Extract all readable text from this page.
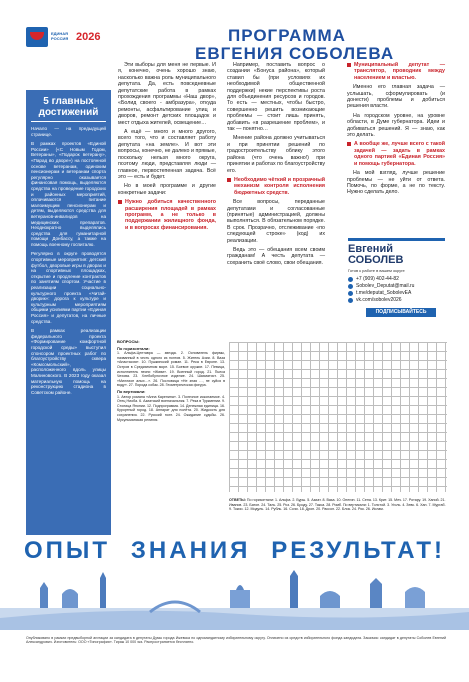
ЕДИНАЯ РОССИЯ 2026	ПРОГРАММА
ЕВГЕНИЯ СОБОЛЕВА
5 главных
достижений

Начало — на предыдущей странице.

В рамках проектов «Единой России» («С Новым Годом, Ветераны», «Подарок ветерану», «Парад во дворе») на постоянной основе ветеранам, одиноким пенсионерам и ветеранам спорта регулярно оказывается финансовая помощь, выделяются средства на проведение городских и районных мероприятий, оплачиваются питание малоимущим пенсионерам и детям, выделяются средства для ветеранов-инвалидов на медицинских препаратов. Неоднократно выделялись средства для гуманитарной помощи Донбассу, а также на помощь военному госпиталю.

Регулярно в округе проводятся спортивные мероприятия: детский футбол, дворовые игры в дворах и на спортивных площадках, открытие и продление контрактов по занятиям спортом. Участие в реализации социально-культурного проекта «Читай-дворик»: дорога к культуре и культурным мероприятиям общими усилиями партии «Единая Россия» и депутатов, на личные средства.

В рамках реализации федерального проекта «Формирование комфортной городской среды» выступил спонсором проектных работ по благоустройству сквера «Комсомольский», расположенного вдоль улицы Малиновского. В 2023 году оказал материальную помощь на реконструкцию стадиона в Советском районе.

Эти выборы для меня не первые. И я, конечно, очень хорошо знаю, насколько важна роль муниципального депутата. Да, есть повседневные депутатские работа в рамках прохождения программы «Наш двор», «Болид своего ‑ амбразура», откуда ремонты, асфальтирование улиц и дворов, ремонт детских площадок и мест отдыха жителей, освещение…

А ещё — много и много другого, всего того, что и составляет работу депутата «на земле». И вот эти вопросы, конечно, не далеко и прямые, поскольку нельзя много округа, поэтому люди, представляя люди — главное, первостепенная задача. Всё это — есть и будет.

Но в моей программе и другие конкретные задачи:

Нужно добиться качественного расширения площадей в рамках программ, а не только в поддержании жилищного фонда, и в вопросах финансирования.

Например, поставить вопрос о создании «Бонуса района», который ставил бы (при условиях их необходимой общественной поддержки) некие перспективы роста для объединения ресурсов и городов. То есть — местных, чтобы быстро, совершенно решить возникающие проблемы — стоит лишь принять, добавить «в разрешение проблем», и так — понятно…

Мнение района должно учитываться и при принятии решений по градостроительству облику этого района (что очень важно!) при принятии и работах по благоустройству его.

Необходимо чёткий и прозрачный механизм контроля исполнения бюджетных средств.

Все вопросы, переданные депутатами и согласованные (принятые) администрацией, должны выполняться. В обязательном порядке. В срок. Прозрачно, отслеживание «по следующей строке» (код) их реализации.

Ведь это — обещания всем своим гражданам! А честь депутата — сохранить своё слово, свои обещания.

Муниципальный депутат — транслятор, проводник между населением и властью.

Именно его главная задача — услышать, сформулировать (и донести) проблемы и добиться решения власти.

На городском уровне, на уровне области, в Думе губернатора. Идеи и добиваться решений. Я — знаю, как это делать.

А вообще же, лучше всего с такой задачей — задать в рамках одного партией «Единая Россия» и помощь губернатора.

На мой взгляд, лучше решение проблемы — не уйти от ответа. Помочь, по форме, а не по тексту. Нужно сделать дело.

Евгений
СОБОЛЕВ
Готов к работе в вашем округе
+7 (909) 402-44-82
Sobolev_Deputat@mail.ru
t.me/deputat_SobolevEA
vk.com/sobolev2026
ПОДПИСЫВАЙТЕСЬ
ВОПРОСЫ:
По горизонтали:
1. Альфа-Центавра — звезда. 2. Основатель фирмы, названный в честь одного из поэтов. 5. Житель Азии. 8. Ваза «Анастасия». 10. Пушкинский роман. 11. Река в Европе. 13. Остров в Средиземном море. 15. Боевое оружие. 17. Певица, исполнитель песни «Живи». 19. Военный город. 21. Пьеса Чехова. 23. Хлебобулочное изделие. 24. Шахматист. 25. «Миллион алых…». 26. Пословица «Не зная …, не суйся в воду». 27. Порода собак. 28. Геометрическая фигура.
По вертикали:
1. Автор романа «Анна Каренина». 3. Полезное ископаемое. 4. Отец Ниоба. 6. Азиатский военачальник. 7. Река в Туркмении. 9. Столица Японии. 12. Подпрограмма. 14. Денежная единица. 16. Курортный город. 18. Аппарат для полёта. 20. Жидкость для сохранения. 22. Русский поэт. 24. Ожидание судьбы. 26. Мусульманская религия.
ОТВЕТЫ: По горизонтали: 1. Альфа. 2. Бурш. 5. Азиат. 8. Ваза. 10. Онегин. 11. Сена. 13. Крит. 15. Меч. 17. Ротару. 19. Ханой. 21. Иванов. 23. Батон. 24. Таль. 25. Роз. 26. Броду. 27. Такса. 28. Ромб. По вертикали: 1. Толстой. 3. Уголь. 4. Зевс. 6. Хан. 7. Мургаб. 9. Токио. 12. Модуль. 14. Рубль. 16. Сочи. 18. Дрон. 20. Рассол. 22. Блок. 24. Рок. 26. Ислам.
ОПЫТ ЗНАНИЯ РЕЗУЛЬТАТ!
Опубликовано в рамках предвыборной агитации за кандидата в депутаты Думы города Ижевска по одномандатному избирательному округу. Оплачено из средств избирательного фонда кандидата. Заказчик: кандидат в депутаты Соболев Евгений Александрович. Изготовитель: ООО «Типография». Тираж 10 000 экз. Распространяется бесплатно.
